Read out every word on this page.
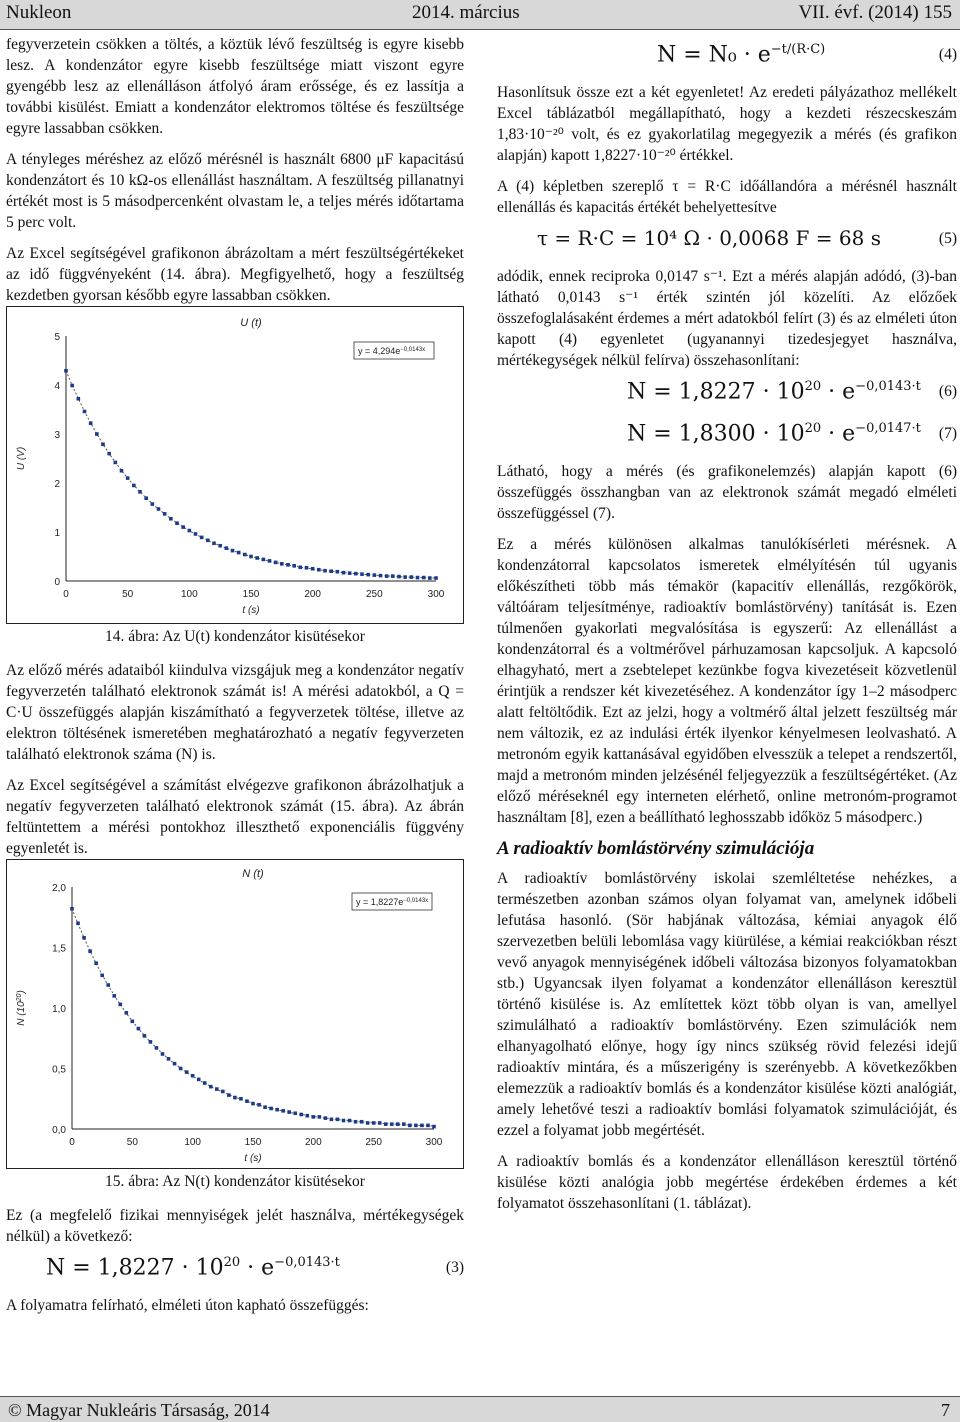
Nukleon	2014. március	VII. évf. (2014) 155

fegyverzetein csökken a töltés, a köztük lévő feszültség is egyre kisebb lesz. A kondenzátor egyre kisebb feszültsége miatt viszont egyre gyengébb lesz az ellenálláson átfolyó áram erőssége, és ez lassítja a további kisülést. Emiatt a kondenzátor elektromos töltése és feszültsége egyre lassabban csökken.

A tényleges méréshez az előző mérésnél is használt 6800 μF kapacitású kondenzátort és 10 kΩ-os ellenállást használtam. A feszültség pillanatnyi értékét most is 5 másodpercenként olvastam le, a teljes mérés időtartama 5 perc volt.

Az Excel segítségével grafikonon ábrázoltam a mért feszültségértékeket az idő függvényeként (14. ábra). Megfigyelhető, hogy a feszültség kezdetben gyorsan később egyre lassabban csökken.

0
1
2
3
4
5
0	50	100	150	200	250	300
U (t)
t (s)
U (V)
$y = 4,294e^{-0,0143x}$
14. ábra: Az U(t) kondenzátor kisütésekor

Az előző mérés adataiból kiindulva vizsgájuk meg a kondenzátor negatív fegyverzetén található elektronok számát is! A mérési adatokból, a Q = C·U összefüggés alapján kiszámítható a fegyverzetek töltése, illetve az elektron töltésének ismeretében meghatározható a negatív fegyverzeten található elektronok száma (N) is.

Az Excel segítségével a számítást elvégezve grafikonon ábrázolhatjuk a negatív fegyverzeten található elektronok számát (15. ábra). Az ábrán feltüntettem a mérési pontokhoz illeszthető exponenciális függvény egyenletét is.

0,0
0,5
1,0
1,5
2,0
0	50	100	150	200	250	300
N (t)
t (s)
N $(10^{20})$
$y = 1,8227e^{-0,0143x}$
15. ábra: Az N(t) kondenzátor kisütésekor

Ez (a megfelelő fizikai mennyiségek jelét használva, mértékegységek nélkül) a következő:

$N = 1,8227 \cdot 10^{20} \cdot e^{-0,0143\cdot t}$	(3)

A folyamatra felírható, elméleti úton kapható összefüggés:

$N = N_0 \cdot e^{-t/(R\cdot C)}$	(4)

Hasonlítsuk össze ezt a két egyenletet! Az eredeti pályázathoz mellékelt Excel táblázatból megállapítható, hogy a kezdeti részecskeszám 1,83·10⁻²⁰ volt, és ez gyakorlatilag megegyezik a mérés (és grafikon alapján) kapott 1,8227·10⁻²⁰ értékkel.

A (4) képletben szereplő τ = R·C időállandóra a mérésnél használt ellenállás és kapacitás értékét behelyettesítve

τ = R·C = 10⁴ Ω · 0,0068 F = 68 s	(5)

adódik, ennek reciproka 0,0147 s⁻¹. Ezt a mérés alapján adódó, (3)-ban látható 0,0143 s⁻¹ érték szintén jól közelíti. Az előzőek összefoglalásaként érdemes a mért adatokból felírt (3) és az elméleti úton kapott (4) egyenletet (ugyanannyi tizedesjegyet használva, mértékegységek nélkül felírva) összehasonlítani:

$N = 1,8227 \cdot 10^{20} \cdot e^{-0,0143\cdot t}$ (6)
$N = 1,8300 \cdot 10^{20} \cdot e^{-0,0147\cdot t}$ (7)

Látható, hogy a mérés (és grafikonelemzés) alapján kapott (6) összefüggés összhangban van az elektronok számát megadó elméleti összefüggéssel (7).

Ez a mérés különösen alkalmas tanulókísérleti mérésnek. A kondenzátorral kapcsolatos ismeretek elmélyítésén túl ugyanis előkészítheti több más témakör (kapacitív ellenállás, rezgőkörök, váltóáram teljesítménye, radioaktív bomlástörvény) tanítását is. Ezen túlmenően gyakorlati megvalósítása is egyszerű: Az ellenállást a kondenzátorral és a voltmérővel párhuzamosan kapcsoljuk. A kapcsoló elhagyható, mert a zsebtelepet kezünkbe fogva kivezetéseit közvetlenül érintjük a rendszer két kivezetéséhez. A kondenzátor így 1–2 másodperc alatt feltöltődik. Ezt az jelzi, hogy a voltmérő által jelzett feszültség már nem változik, ez az indulási érték ilyenkor kényelmesen leolvasható. A metronóm egyik kattanásával egyidőben elvesszük a telepet a rendszertől, majd a metronóm minden jelzésénél feljegyezzük a feszültségértéket. (Az előző méréseknél egy interneten elérhető, online metronóm-programot használtam [8], ezen a beállítható leghosszabb időköz 5 másodperc.)

A radioaktív bomlástörvény szimulációja

A radioaktív bomlástörvény iskolai szemléltetése nehézkes, a természetben azonban számos olyan folyamat van, amelynek időbeli lefutása hasonló. (Sör habjának változása, kémiai anyagok élő szervezetben belüli lebomlása vagy kiürülése, a kémiai reakciókban részt vevő anyagok mennyiségének időbeli változása bizonyos folyamatokban stb.) Ugyancsak ilyen folyamat a kondenzátor ellenálláson keresztül történő kisülése is. Az említettek közt több olyan is van, amellyel szimulálható a radioaktív bomlástörvény. Ezen szimulációk nem elhanyagolható előnye, hogy így nincs szükség rövid felezési idejű radioaktív mintára, és a műszerigény is szerényebb. A következőkben elemezzük a radioaktív bomlás és a kondenzátor kisülése közti analógiát, amely lehetővé teszi a radioaktív bomlási folyamatok szimulációját, és ezzel a folyamat jobb megértését.

A radioaktív bomlás és a kondenzátor ellenálláson keresztül történő kisülése közti analógia jobb megértése érdekében érdemes a két folyamatot összehasonlítani (1. táblázat).

© Magyar Nukleáris Társaság, 2014	7
